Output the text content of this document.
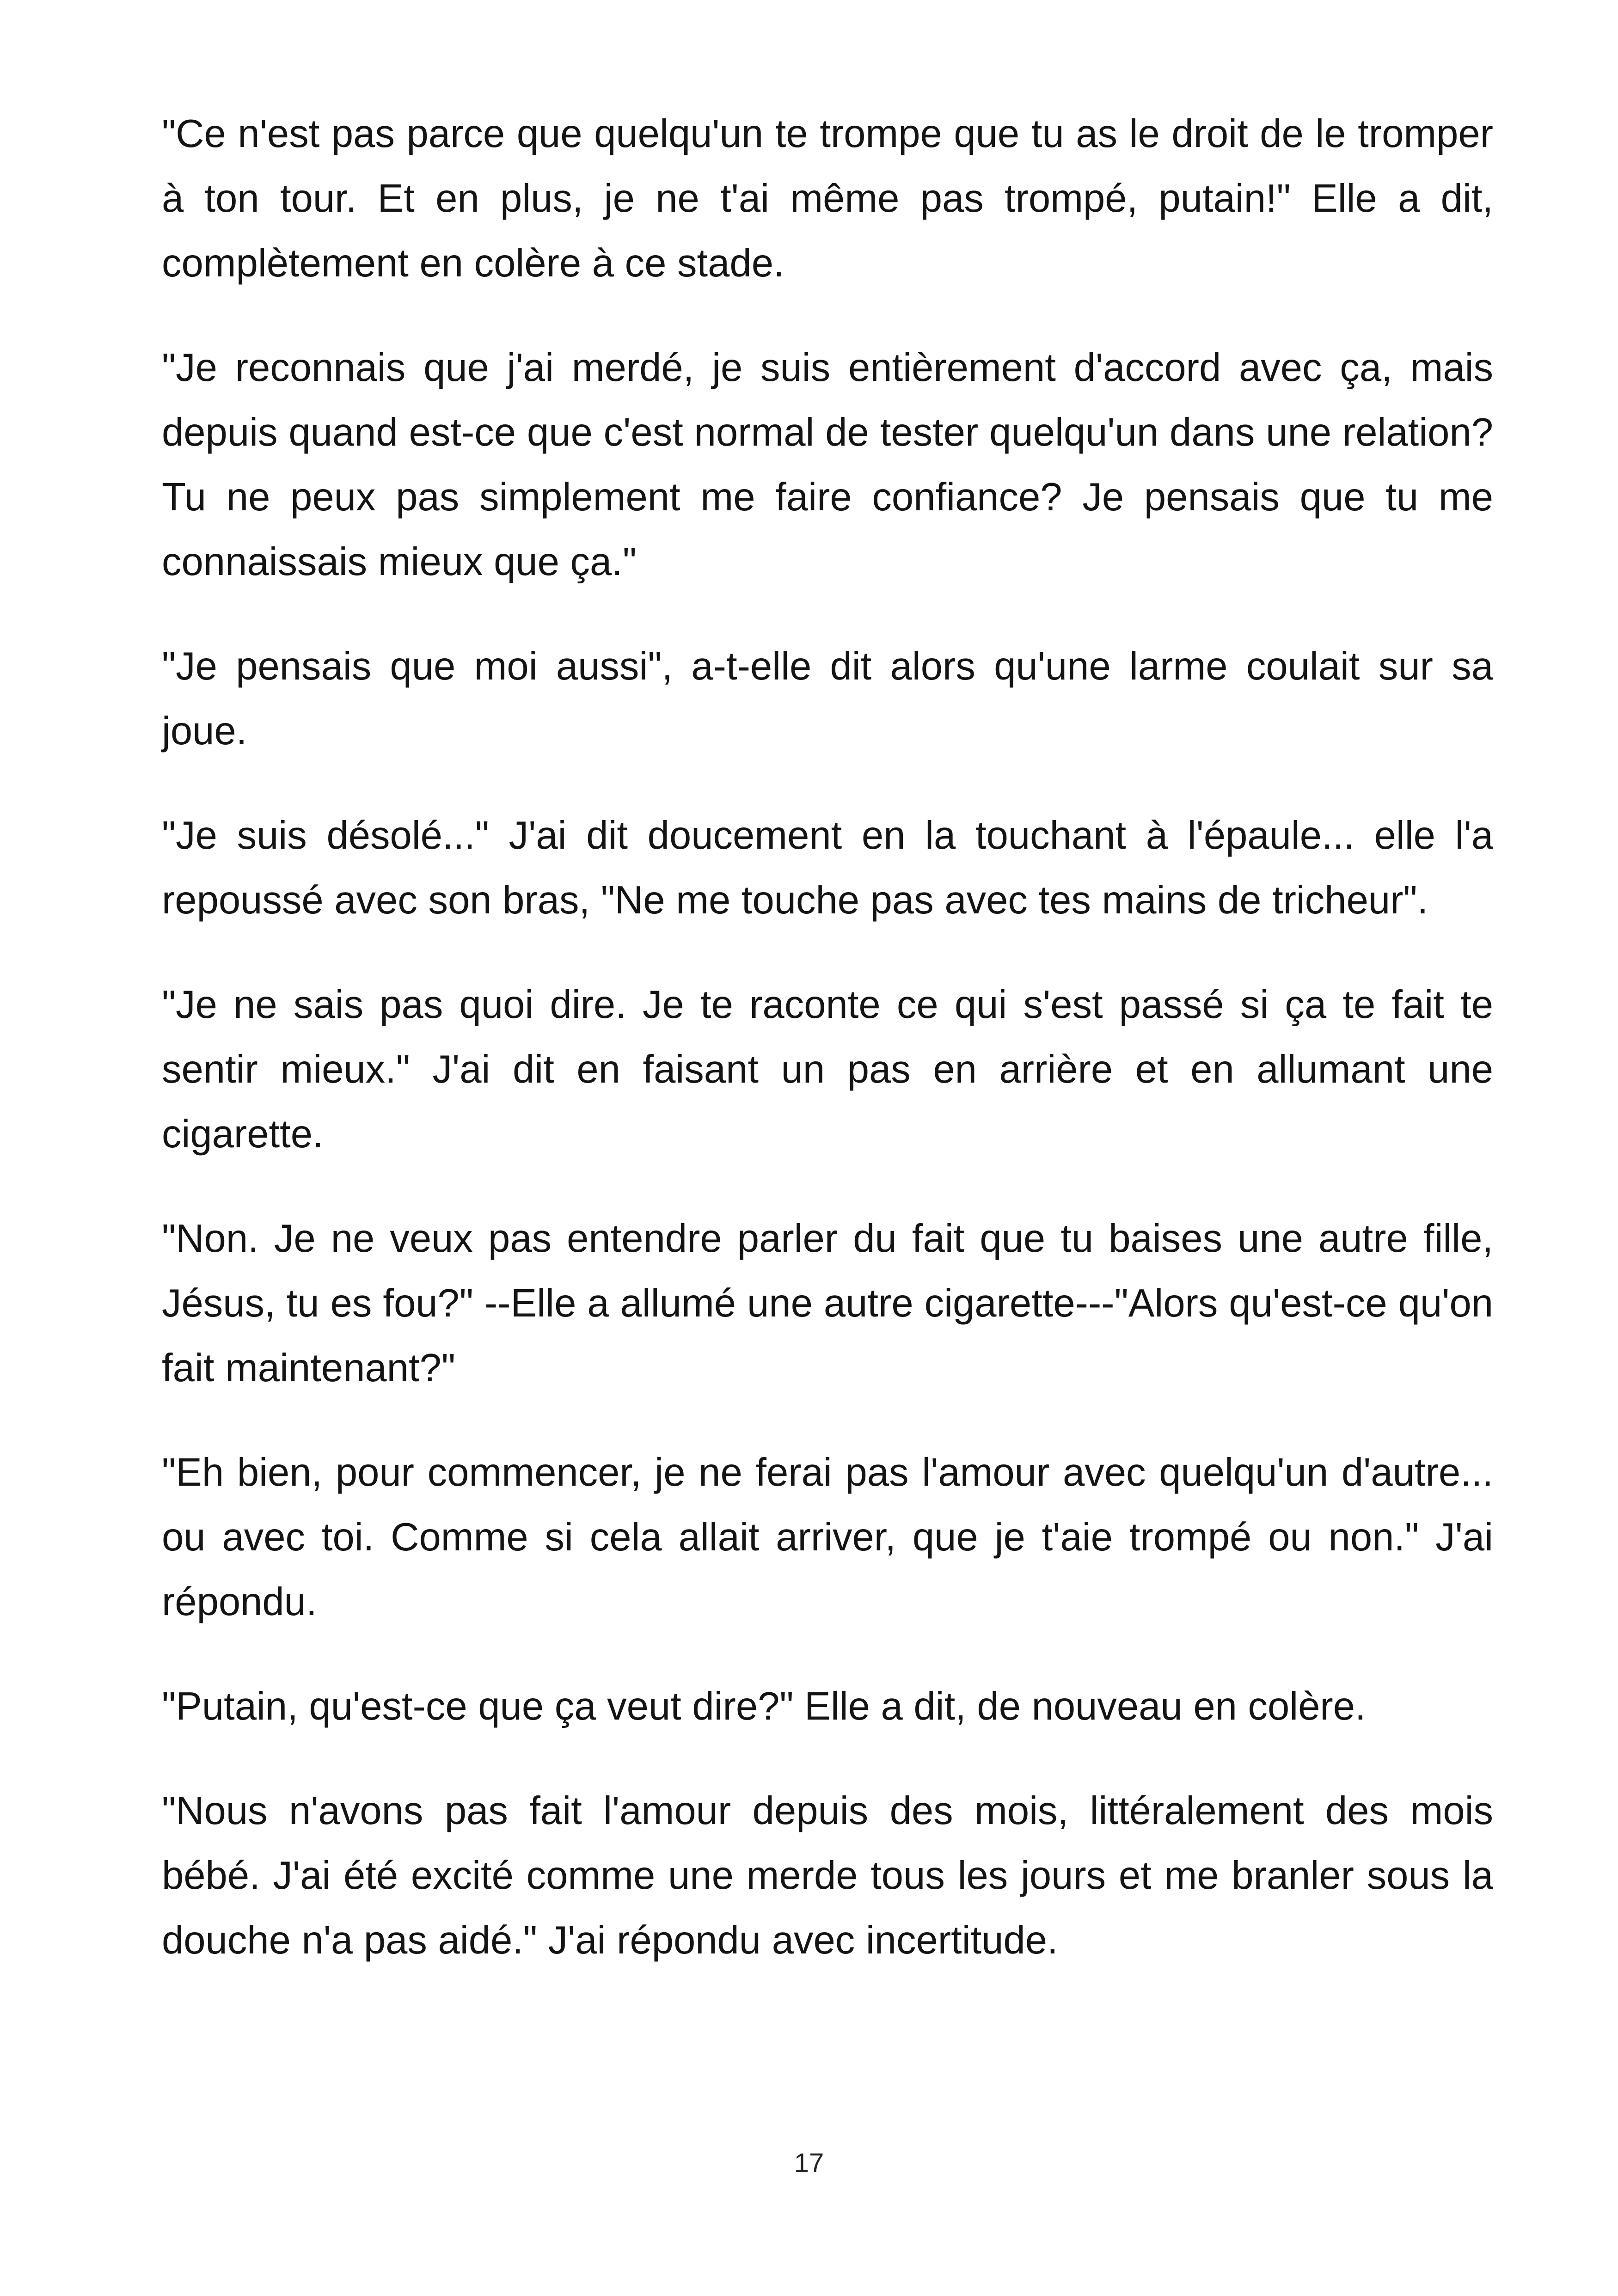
"Ce n'est pas parce que quelqu'un te trompe que tu as le droit de le tromper à ton tour. Et en plus, je ne t'ai même pas trompé, putain!" Elle a dit, complètement en colère à ce stade.

"Je reconnais que j'ai merdé, je suis entièrement d'accord avec ça, mais depuis quand est-ce que c'est normal de tester quelqu'un dans une relation? Tu ne peux pas simplement me faire confiance? Je pensais que tu me connaissais mieux que ça."

"Je pensais que moi aussi", a-t-elle dit alors qu'une larme coulait sur sa joue.

"Je suis désolé..." J'ai dit doucement en la touchant à l'épaule... elle l'a repoussé avec son bras, "Ne me touche pas avec tes mains de tricheur".

"Je ne sais pas quoi dire. Je te raconte ce qui s'est passé si ça te fait te sentir mieux." J'ai dit en faisant un pas en arrière et en allumant une cigarette.

"Non. Je ne veux pas entendre parler du fait que tu baises une autre fille, Jésus, tu es fou?" --Elle a allumé une autre cigarette---"Alors qu'est-ce qu'on fait maintenant?"

"Eh bien, pour commencer, je ne ferai pas l'amour avec quelqu'un d'autre... ou avec toi. Comme si cela allait arriver, que je t'aie trompé ou non." J'ai répondu.

"Putain, qu'est-ce que ça veut dire?" Elle a dit, de nouveau en colère.

"Nous n'avons pas fait l'amour depuis des mois, littéralement des mois bébé. J'ai été excité comme une merde tous les jours et me branler sous la douche n'a pas aidé." J'ai répondu avec incertitude.

17
